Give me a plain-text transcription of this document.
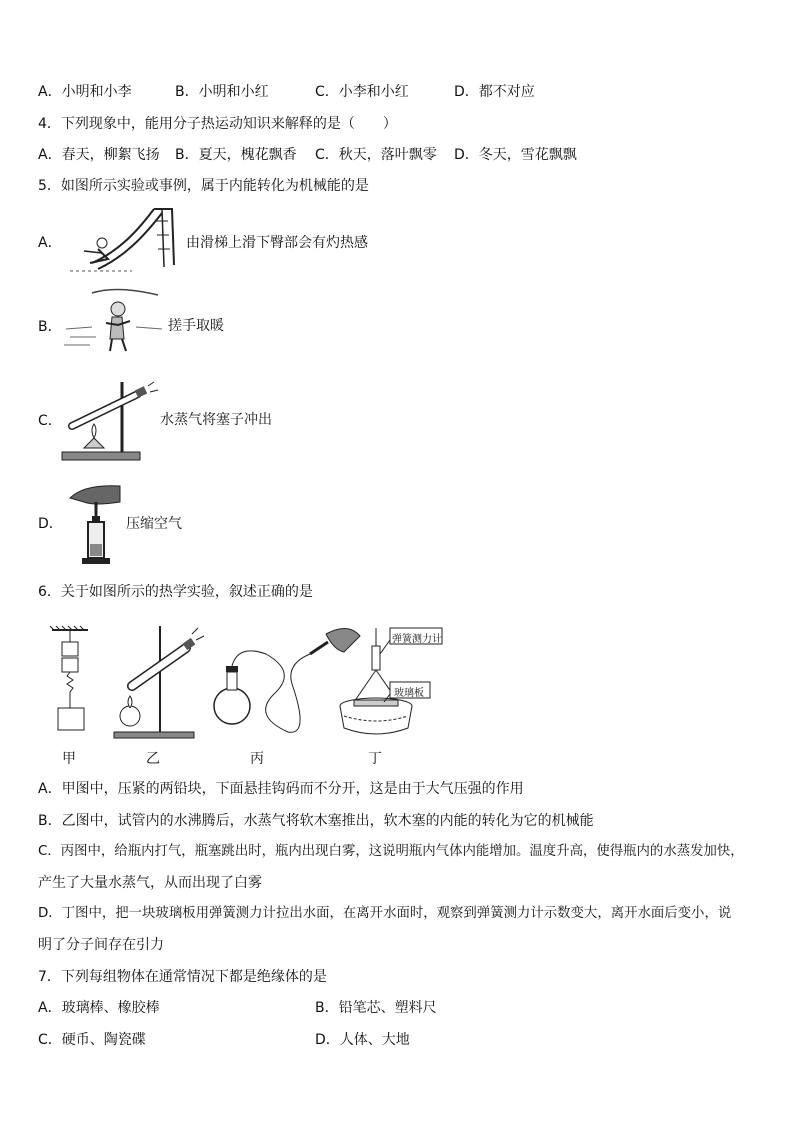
A．小明和小李	B．小明和小红	C．小李和小红	D．都不对应
4．下列现象中，能用分子热运动知识来解释的是（　　）
A．春天，柳絮飞扬 B．夏天，槐花飘香 C．秋天，落叶飘零 D．冬天，雪花飘飘
5．如图所示实验或事例，属于内能转化为机械能的是
A．	由滑梯上滑下臀部会有灼热感
B．	搓手取暖
C．	水蒸气将塞子冲出
D．	压缩空气
6．关于如图所示的热学实验，叙述正确的是
弹簧测力计
玻璃板
甲	乙	丙	丁
A．甲图中，压紧的两铅块，下面悬挂钩码而不分开，这是由于大气压强的作用
B．乙图中，试管内的水沸腾后，水蒸气将软木塞推出，软木塞的内能的转化为它的机械能
C．丙图中，给瓶内打气，瓶塞跳出时，瓶内出现白雾，这说明瓶内气体内能增加。温度升高，使得瓶内的水蒸发加快，
产生了大量水蒸气，从而出现了白雾
D．丁图中，把一块玻璃板用弹簧测力计拉出水面，在离开水面时，观察到弹簧测力计示数变大，离开水面后变小，说
明了分子间存在引力
7．下列每组物体在通常情况下都是绝缘体的是
A．玻璃棒、橡胶棒	B．铅笔芯、塑料尺
C．硬币、陶瓷碟	D．人体、大地
